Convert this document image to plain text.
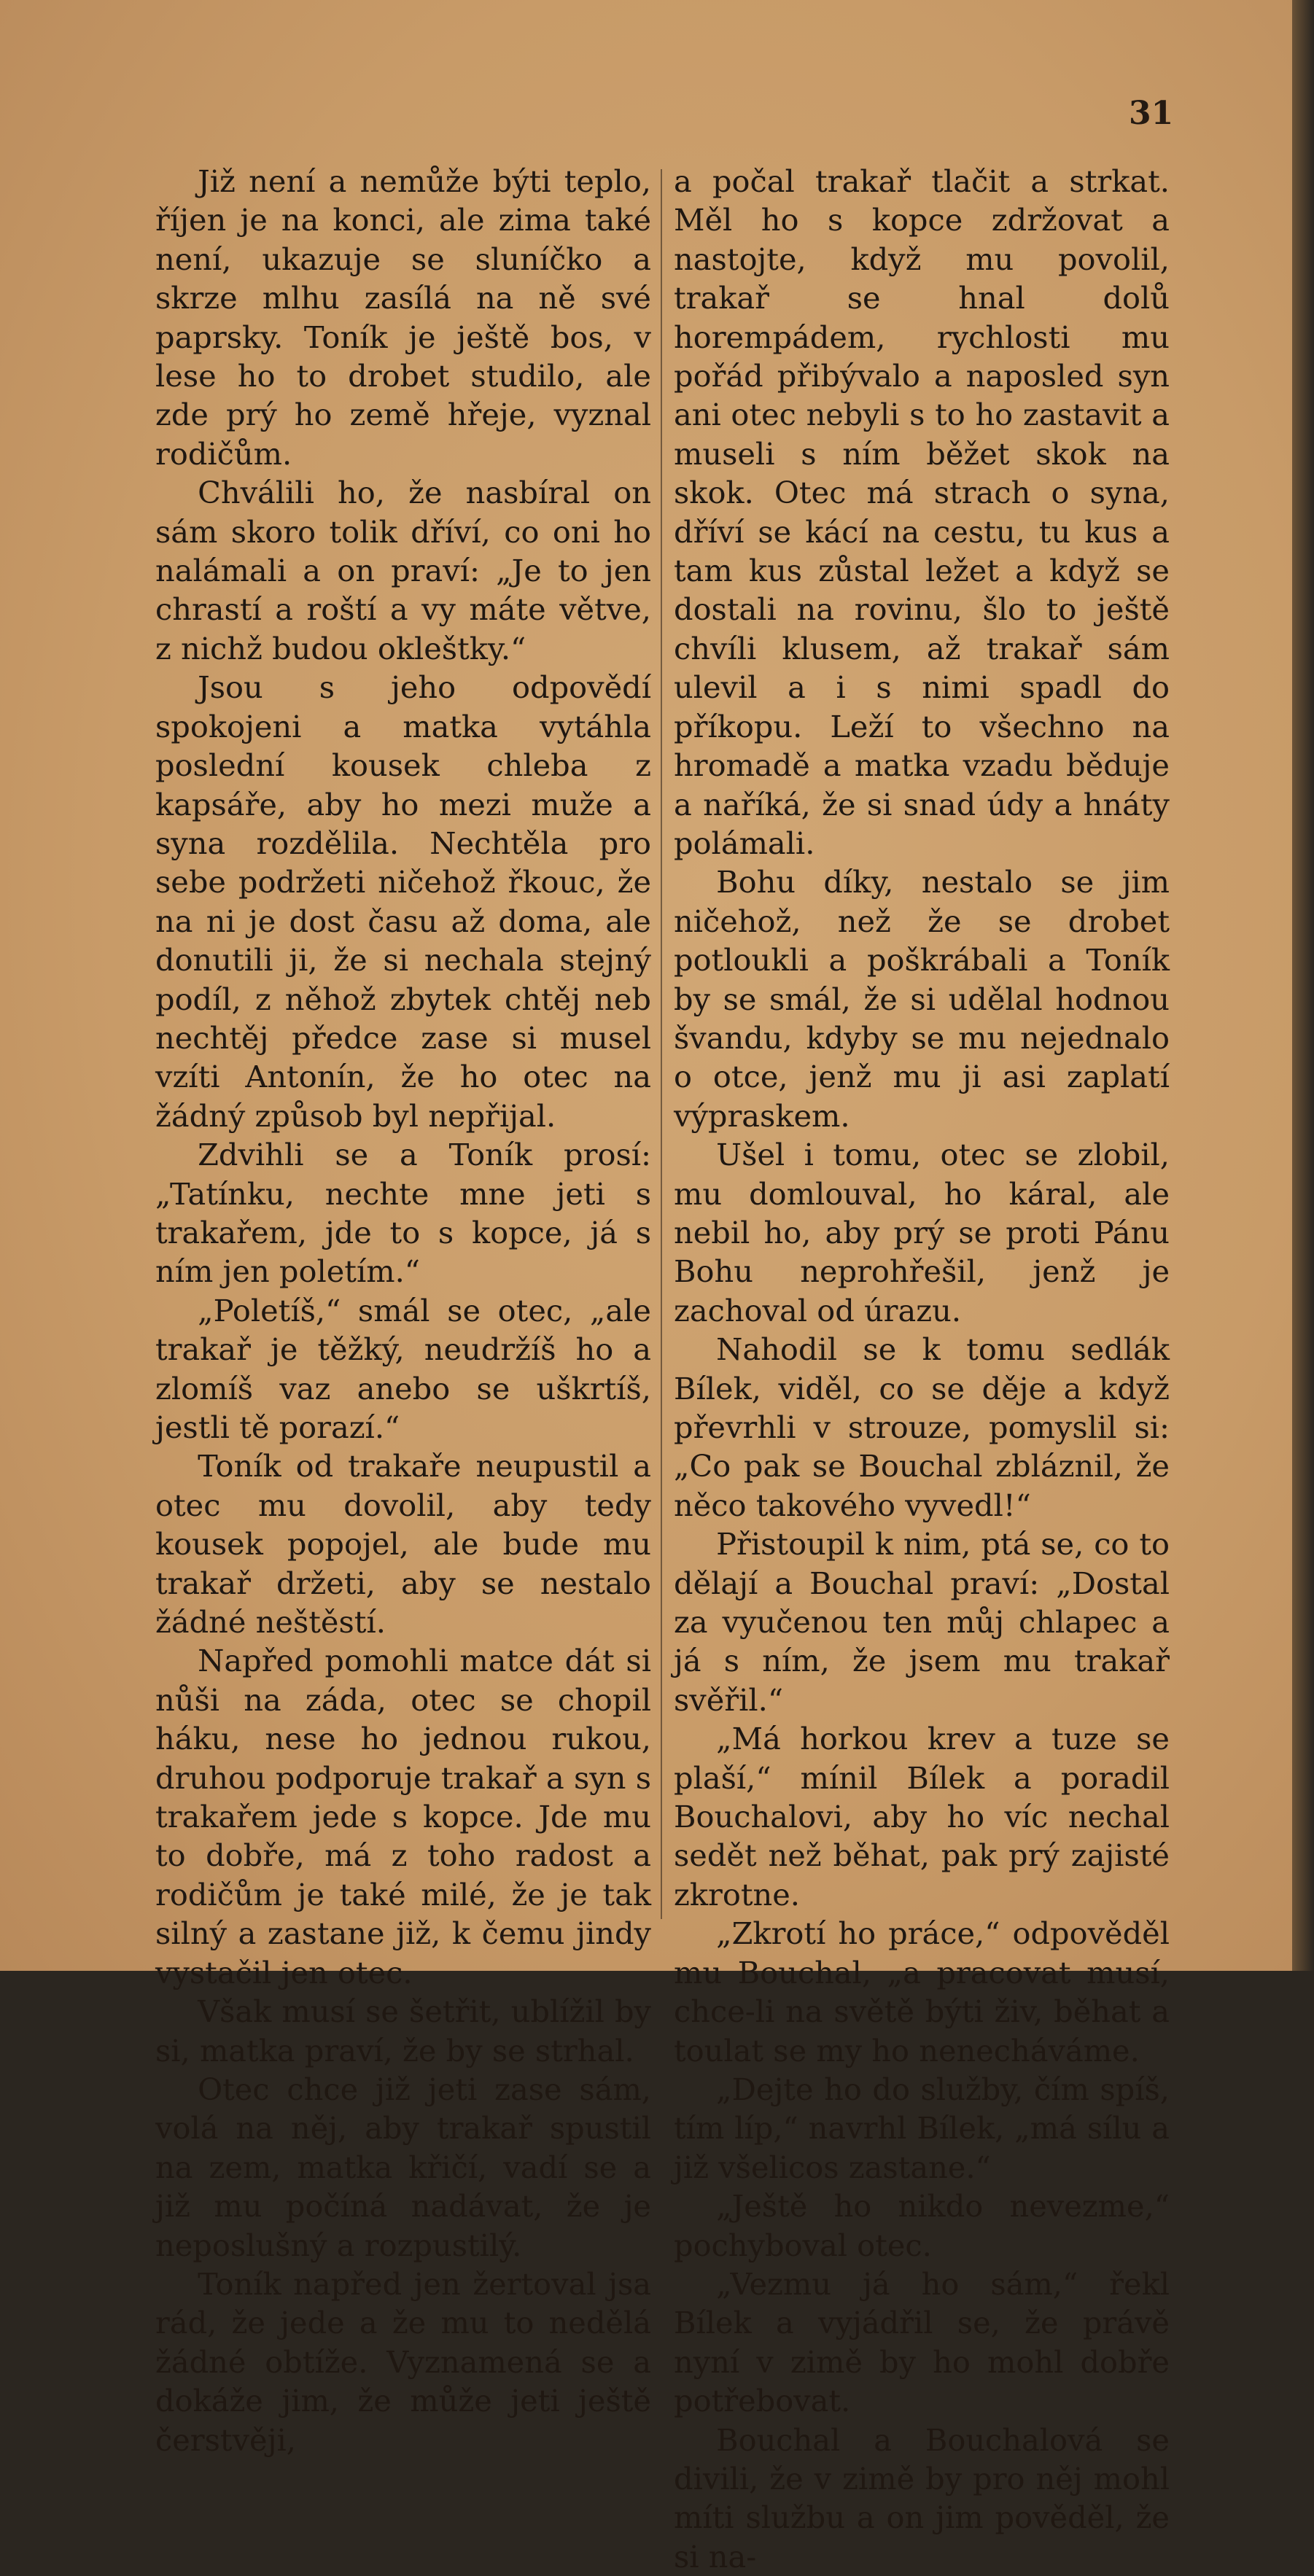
31

Již není a nemůže býti teplo, říjen je na konci, ale zima také není, ukazuje se sluníčko a skrze mlhu zasílá na ně své paprsky. Toník je ještě bos, v lese ho to drobet studilo, ale zde prý ho země hřeje, vyznal rodičům.

Chválili ho, že nasbíral on sám skoro tolik dříví, co oni ho nalámali a on praví: „Je to jen chrastí a roští a vy máte větve, z nichž budou okleštky.“

Jsou s jeho odpovědí spokojeni a matka vytáhla poslední kousek chleba z kapsáře, aby ho mezi muže a syna rozdělila. Nechtěla pro sebe podržeti ničehož řkouc, že na ni je dost času až doma, ale donutili ji, že si nechala stejný podíl, z něhož zbytek chtěj neb nechtěj předce zase si musel vzíti Antonín, že ho otec na žádný způsob byl nepřijal.

Zdvihli se a Toník prosí: „Tatínku, nechte mne jeti s trakařem, jde to s kopce, já s ním jen poletím.“

„Poletíš,“ smál se otec, „ale trakař je těžký, neudržíš ho a zlomíš vaz anebo se uškrtíš, jestli tě porazí.“

Toník od trakaře neupustil a otec mu dovolil, aby tedy kousek popojel, ale bude mu trakař držeti, aby se nestalo žádné neštěstí.

Napřed pomohli matce dát si nůši na záda, otec se chopil háku, nese ho jednou rukou, druhou podporuje trakař a syn s trakařem jede s kopce. Jde mu to dobře, má z toho radost a rodičům je také milé, že je tak silný a zastane již, k čemu jindy vystačil jen otec.

Však musí se šetřit, ublížil by si, matka praví, že by se strhal.

Otec chce již jeti zase sám, volá na něj, aby trakař spustil na zem, matka křičí, vadí se a již mu počíná nadávat, že je neposlušný a rozpustilý.

Toník napřed jen žertoval jsa rád, že jede a že mu to nedělá žádné obtíže. Vyznamená se a dokáže jim, že může jeti ještě čerstvěji,

a počal trakař tlačit a strkat. Měl ho s kopce zdržovat a nastojte, když mu povolil, trakař se hnal dolů horempádem, rychlosti mu pořád přibývalo a naposled syn ani otec nebyli s to ho zastavit a museli s ním běžet skok na skok. Otec má strach o syna, dříví se kácí na cestu, tu kus a tam kus zůstal ležet a když se dostali na rovinu, šlo to ještě chvíli klusem, až trakař sám ulevil a i s nimi spadl do příkopu. Leží to všechno na hromadě a matka vzadu běduje a naříká, že si snad údy a hnáty polámali.

Bohu díky, nestalo se jim ničehož, než že se drobet potloukli a poškrábali a Toník by se smál, že si udělal hodnou švandu, kdyby se mu nejednalo o otce, jenž mu ji asi zaplatí výpraskem.

Ušel i tomu, otec se zlobil, mu domlouval, ho káral, ale nebil ho, aby prý se proti Pánu Bohu neprohřešil, jenž je zachoval od úrazu.

Nahodil se k tomu sedlák Bílek, viděl, co se děje a když převrhli v strouze, pomyslil si: „Co pak se Bouchal zbláznil, že něco takového vyvedl!“

Přistoupil k nim, ptá se, co to dělají a Bouchal praví: „Dostal za vyučenou ten můj chlapec a já s ním, že jsem mu trakař svěřil.“

„Má horkou krev a tuze se plaší,“ mínil Bílek a poradil Bouchalovi, aby ho víc nechal sedět než běhat, pak prý zajisté zkrotne.

„Zkrotí ho práce,“ odpověděl mu Bouchal, „a pracovat musí, chce-li na světě býti živ, běhat a toulat se my ho nenecháváme.

„Dejte ho do služby, čím spíš, tím líp,“ navrhl Bílek, „má sílu a již všelicos zastane.“

„Ještě ho nikdo nevezme,“ pochyboval otec.

„Vezmu já ho sám,“ řekl Bílek a vyjádřil se, že právě nyní v zimě by ho mohl dobře potřebovat.

Bouchal a Bouchalová se divili, že v zimě by pro něj mohl míti službu a on jim pověděl, že si na-
